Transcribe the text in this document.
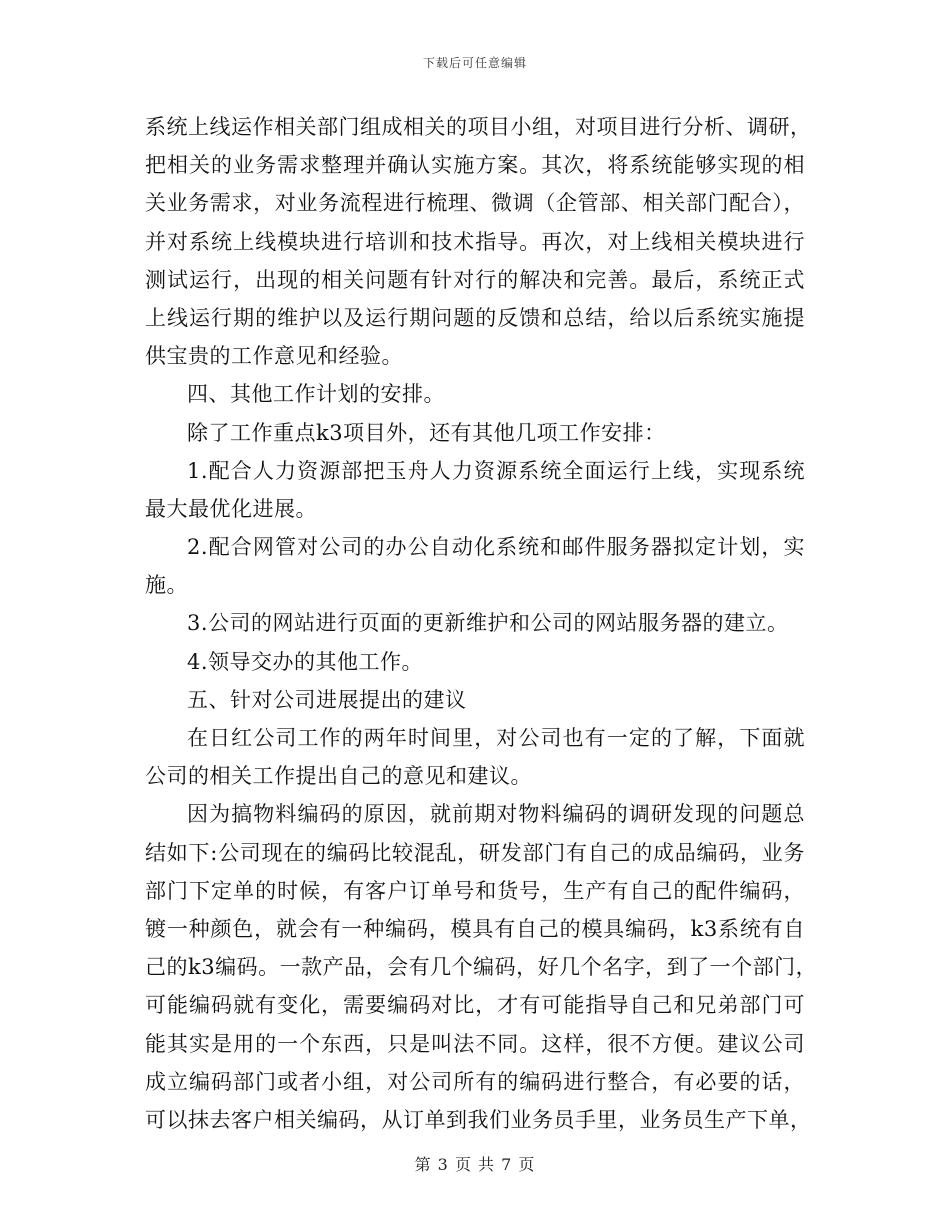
下载后可任意编辑
系统上线运作相关部门组成相关的项目小组，对项目进行分析、调研，
把相关的业务需求整理并确认实施方案。其次，将系统能够实现的相
关业务需求，对业务流程进行梳理、微调（企管部、相关部门配合），
并对系统上线模块进行培训和技术指导。再次，对上线相关模块进行
测试运行，出现的相关问题有针对行的解决和完善。最后，系统正式
上线运行期的维护以及运行期问题的反馈和总结，给以后系统实施提
供宝贵的工作意见和经验。
四、其他工作计划的安排。
除了工作重点k3项目外，还有其他几项工作安排：
1.配合人力资源部把玉舟人力资源系统全面运行上线，实现系统
最大最优化进展。
2.配合网管对公司的办公自动化系统和邮件服务器拟定计划，实
施。
3.公司的网站进行页面的更新维护和公司的网站服务器的建立。
4.领导交办的其他工作。
五、针对公司进展提出的建议
在日红公司工作的两年时间里，对公司也有一定的了解，下面就
公司的相关工作提出自己的意见和建议。
因为搞物料编码的原因，就前期对物料编码的调研发现的问题总
结如下:公司现在的编码比较混乱，研发部门有自己的成品编码，业务
部门下定单的时候，有客户订单号和货号，生产有自己的配件编码，
镀一种颜色，就会有一种编码，模具有自己的模具编码，k3系统有自
己的k3编码。一款产品，会有几个编码，好几个名字，到了一个部门，
可能编码就有变化，需要编码对比，才有可能指导自己和兄弟部门可
能其实是用的一个东西，只是叫法不同。这样，很不方便。建议公司
成立编码部门或者小组，对公司所有的编码进行整合，有必要的话，
可以抹去客户相关编码，从订单到我们业务员手里，业务员生产下单，
第 3 页 共 7 页
